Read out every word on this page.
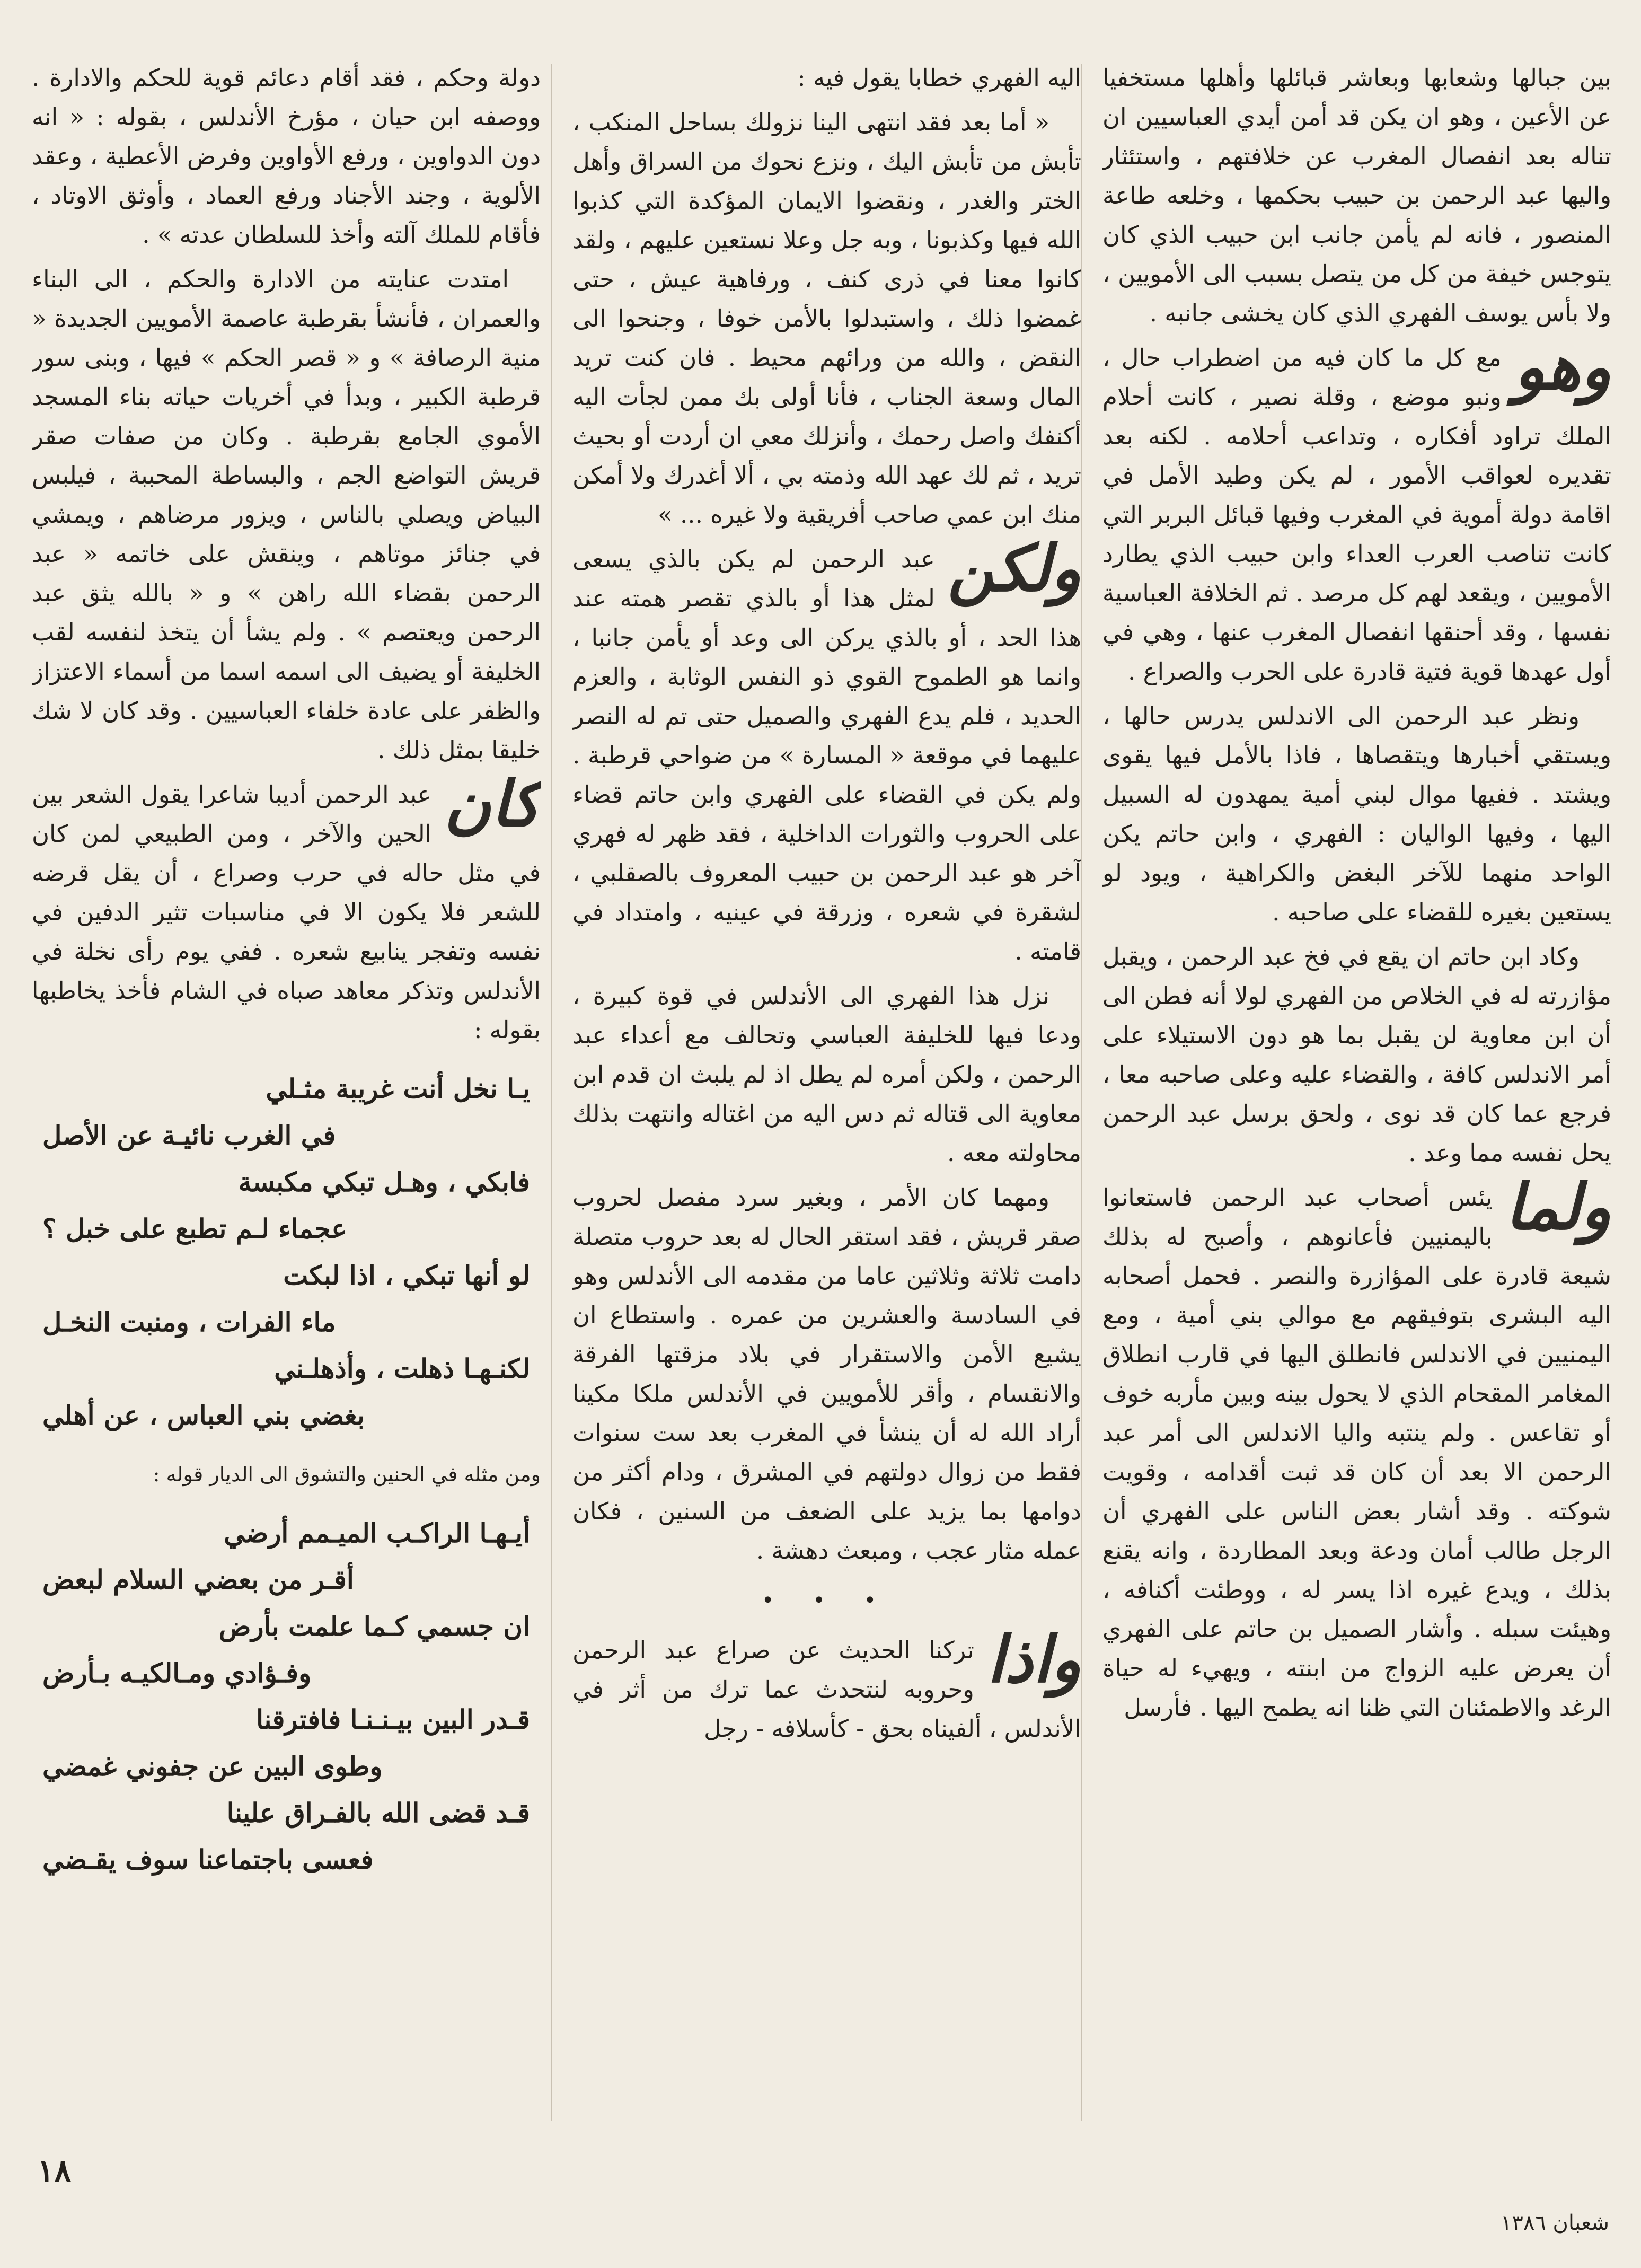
بين جبالها وشعابها وبعاشر قبائلها وأهلها مستخفيا عن الأعين ، وهو ان يكن قد أمن أيدي العباسيين ان تناله بعد انفصال المغرب عن خلافتهم ، واستئثار واليها عبد الرحمن بن حبيب بحكمها ، وخلعه طاعة المنصور ، فانه لم يأمن جانب ابن حبيب الذي كان يتوجس خيفة من كل من يتصل بسبب الى الأمويين ، ولا بأس يوسف الفهري الذي كان يخشى جانبه .

وهو
مع كل ما كان فيه من اضطراب حال ، ونبو موضع ، وقلة نصير ، كانت أحلام الملك تراود أفكاره ، وتداعب أحلامه . لكنه بعد تقديره لعواقب الأمور ، لم يكن وطيد الأمل في اقامة دولة أموية في المغرب وفيها قبائل البربر التي كانت تناصب العرب العداء وابن حبيب الذي يطارد الأمويين ، ويقعد لهم كل مرصد . ثم الخلافة العباسية نفسها ، وقد أحنقها انفصال المغرب عنها ، وهي في أول عهدها قوية فتية قادرة على الحرب والصراع .

ونظر عبد الرحمن الى الاندلس يدرس حالها ، ويستقي أخبارها ويتقصاها ، فاذا بالأمل فيها يقوى ويشتد . ففيها موال لبني أمية يمهدون له السبيل اليها ، وفيها الواليان : الفهري ، وابن حاتم يكن الواحد منهما للآخر البغض والكراهية ، ويود لو يستعين بغيره للقضاء على صاحبه .

وكاد ابن حاتم ان يقع في فخ عبد الرحمن ، ويقبل مؤازرته له في الخلاص من الفهري لولا أنه فطن الى أن ابن معاوية لن يقبل بما هو دون الاستيلاء على أمر الاندلس كافة ، والقضاء عليه وعلى صاحبه معا ، فرجع عما كان قد نوى ، ولحق برسل عبد الرحمن يحل نفسه مما وعد .

ولما
يئس أصحاب عبد الرحمن فاستعانوا باليمنيين فأعانوهم ، وأصبح له بذلك شيعة قادرة على المؤازرة والنصر . فحمل أصحابه اليه البشرى بتوفيقهم مع موالي بني أمية ، ومع اليمنيين في الاندلس فانطلق اليها في قارب انطلاق المغامر المقحام الذي لا يحول بينه وبين مأربه خوف أو تقاعس . ولم ينتبه واليا الاندلس الى أمر عبد الرحمن الا بعد أن كان قد ثبت أقدامه ، وقويت شوكته . وقد أشار بعض الناس على الفهري أن الرجل طالب أمان ودعة وبعد المطاردة ، وانه يقنع بذلك ، ويدع غيره اذا يسر له ، ووطئت أكنافه ، وهيئت سبله . وأشار الصميل بن حاتم على الفهري أن يعرض عليه الزواج من ابنته ، ويهيء له حياة الرغد والاطمئنان التي ظنا انه يطمح اليها . فأرسل

اليه الفهري خطابا يقول فيه :

« أما بعد فقد انتهى الينا نزولك بساحل المنكب ، تأبش من تأبش اليك ، ونزع نحوك من السراق وأهل الختر والغدر ، ونقضوا الايمان المؤكدة التي كذبوا الله فيها وكذبونا ، وبه جل وعلا نستعين عليهم ، ولقد كانوا معنا في ذرى كنف ، ورفاهية عيش ، حتى غمضوا ذلك ، واستبدلوا بالأمن خوفا ، وجنحوا الى النقض ، والله من ورائهم محيط . فان كنت تريد المال وسعة الجناب ، فأنا أولى بك ممن لجأت اليه أكنفك واصل رحمك ، وأنزلك معي ان أردت أو بحيث تريد ، ثم لك عهد الله وذمته بي ، ألا أغدرك ولا أمكن منك ابن عمي صاحب أفريقية ولا غيره ... »

ولكن
عبد الرحمن لم يكن بالذي يسعى لمثل هذا أو بالذي تقصر همته عند هذا الحد ، أو بالذي يركن الى وعد أو يأمن جانبا ، وانما هو الطموح القوي ذو النفس الوثابة ، والعزم الحديد ، فلم يدع الفهري والصميل حتى تم له النصر عليهما في موقعة « المسارة » من ضواحي قرطبة . ولم يكن في القضاء على الفهري وابن حاتم قضاء على الحروب والثورات الداخلية ، فقد ظهر له فهري آخر هو عبد الرحمن بن حبيب المعروف بالصقلبي ، لشقرة في شعره ، وزرقة في عينيه ، وامتداد في قامته .

نزل هذا الفهري الى الأندلس في قوة كبيرة ، ودعا فيها للخليفة العباسي وتحالف مع أعداء عبد الرحمن ، ولكن أمره لم يطل اذ لم يلبث ان قدم ابن معاوية الى قتاله ثم دس اليه من اغتاله وانتهت بذلك محاولته معه .

ومهما كان الأمر ، وبغير سرد مفصل لحروب صقر قريش ، فقد استقر الحال له بعد حروب متصلة دامت ثلاثة وثلاثين عاما من مقدمه الى الأندلس وهو في السادسة والعشرين من عمره . واستطاع ان يشيع الأمن والاستقرار في بلاد مزقتها الفرقة والانقسام ، وأقر للأمويين في الأندلس ملكا مكينا أراد الله له أن ينشأ في المغرب بعد ست سنوات فقط من زوال دولتهم في المشرق ، ودام أكثر من دوامها بما يزيد على الضعف من السنين ، فكان عمله مثار عجب ، ومبعث دهشة .

• • •

واذا
تركنا الحديث عن صراع عبد الرحمن وحروبه لنتحدث عما ترك من أثر في الأندلس ، ألفيناه بحق - كأسلافه - رجل

دولة وحكم ، فقد أقام دعائم قوية للحكم والادارة . ووصفه ابن حيان ، مؤرخ الأندلس ، بقوله : « انه دون الدواوين ، ورفع الأواوين وفرض الأعطية ، وعقد الألوية ، وجند الأجناد ورفع العماد ، وأوثق الاوتاد ، فأقام للملك آلته وأخذ للسلطان عدته » .

امتدت عنايته من الادارة والحكم ، الى البناء والعمران ، فأنشأ بقرطبة عاصمة الأمويين الجديدة « منية الرصافة » و « قصر الحكم » فيها ، وبنى سور قرطبة الكبير ، وبدأ في أخريات حياته بناء المسجد الأموي الجامع بقرطبة . وكان من صفات صقر قريش التواضع الجم ، والبساطة المحببة ، فيلبس البياض ويصلي بالناس ، ويزور مرضاهم ، ويمشي في جنائز موتاهم ، وينقش على خاتمه « عبد الرحمن بقضاء الله راهن » و « بالله يثق عبد الرحمن ويعتصم » . ولم يشأ أن يتخذ لنفسه لقب الخليفة أو يضيف الى اسمه اسما من أسماء الاعتزاز والظفر على عادة خلفاء العباسيين . وقد كان لا شك خليقا بمثل ذلك .

كان
عبد الرحمن أديبا شاعرا يقول الشعر بين الحين والآخر ، ومن الطبيعي لمن كان في مثل حاله في حرب وصراع ، أن يقل قرضه للشعر فلا يكون الا في مناسبات تثير الدفين في نفسه وتفجر ينابيع شعره . ففي يوم رأى نخلة في الأندلس وتذكر معاهد صباه في الشام فأخذ يخاطبها بقوله :

يـا نخل أنت غريبة مثـلي
في الغرب نائيـة عن الأصل
فابكي ، وهـل تبكي مكبسة
عجماء لـم تطبع على خبل ؟
لو أنها تبكي ، اذا لبكت
ماء الفرات ، ومنبت النخـل
لكنـهـا ذهلت ، وأذهلـني
بغضي بني العباس ، عن أهلي

ومن مثله في الحنين والتشوق الى الديار قوله :

أيـهـا الراكـب الميـمم أرضي
أقـر من بعضي السلام لبعض
ان جسمي كـما علمت بأرض
وفـؤادي ومـالكيـه بـأرض
قـدر البين بيـنـنـا فافترقنا
وطوى البين عن جفوني غمضي
قـد قضى الله بالفـراق علينا
فعسى باجتماعنا سوف يقـضي
١٨
شعبان ١٣٨٦
